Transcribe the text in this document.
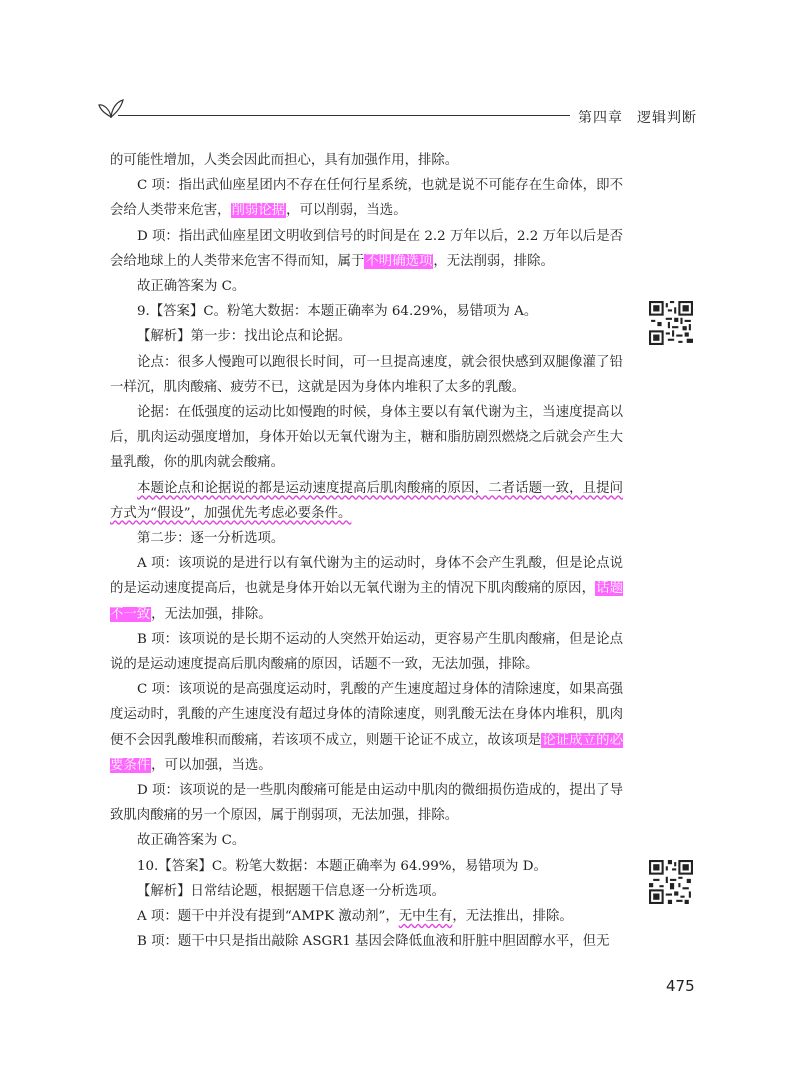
第四章 逻辑判断

的可能性增加，人类会因此而担心，具有加强作用，排除。

C 项：指出武仙座星团内不存在任何行星系统，也就是说不可能存在生命体，即不会给人类带来危害，削弱论据，可以削弱，当选。

D 项：指出武仙座星团文明收到信号的时间是在 2.2 万年以后，2.2 万年以后是否会给地球上的人类带来危害不得而知，属于不明确选项，无法削弱，排除。

故正确答案为 C。

9.【答案】C。粉笔大数据：本题正确率为 64.29%，易错项为 A。

【解析】第一步：找出论点和论据。

论点：很多人慢跑可以跑很长时间，可一旦提高速度，就会很快感到双腿像灌了铅一样沉，肌肉酸痛、疲劳不已，这就是因为身体内堆积了太多的乳酸。

论据：在低强度的运动比如慢跑的时候，身体主要以有氧代谢为主，当速度提高以后，肌肉运动强度增加，身体开始以无氧代谢为主，糖和脂肪剧烈燃烧之后就会产生大量乳酸，你的肌肉就会酸痛。

本题论点和论据说的都是运动速度提高后肌肉酸痛的原因，二者话题一致，且提问方式为“假设”，加强优先考虑必要条件。

第二步：逐一分析选项。

A 项：该项说的是进行以有氧代谢为主的运动时，身体不会产生乳酸，但是论点说的是运动速度提高后，也就是身体开始以无氧代谢为主的情况下肌肉酸痛的原因，话题不一致，无法加强，排除。

B 项：该项说的是长期不运动的人突然开始运动，更容易产生肌肉酸痛，但是论点说的是运动速度提高后肌肉酸痛的原因，话题不一致，无法加强，排除。

C 项：该项说的是高强度运动时，乳酸的产生速度超过身体的清除速度，如果高强度运动时，乳酸的产生速度没有超过身体的清除速度，则乳酸无法在身体内堆积，肌肉便不会因乳酸堆积而酸痛，若该项不成立，则题干论证不成立，故该项是论证成立的必要条件，可以加强，当选。

D 项：该项说的是一些肌肉酸痛可能是由运动中肌肉的微细损伤造成的，提出了导致肌肉酸痛的另一个原因，属于削弱项，无法加强，排除。

故正确答案为 C。

10.【答案】C。粉笔大数据：本题正确率为 64.99%，易错项为 D。

【解析】日常结论题，根据题干信息逐一分析选项。

A 项：题干中并没有提到“AMPK 激动剂”，无中生有，无法推出，排除。

B 项：题干中只是指出敲除 ASGR1 基因会降低血液和肝脏中胆固醇水平，但无

475
